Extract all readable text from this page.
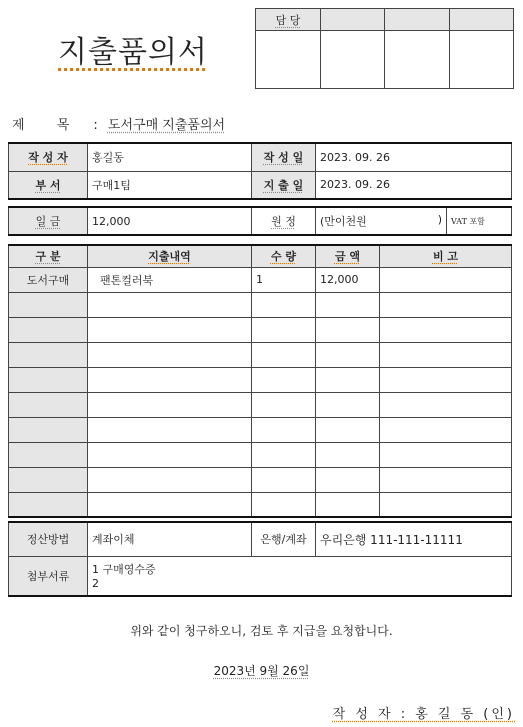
지출품의서
담 당			

제 목 : 도서구매 지출품의서
작 성 자	홍길동	작 성 일	2023. 09. 26
부 서	구매1팀	지 출 일	2023. 09. 26
일 금	12,000	원 정	(만이천원	)	VAT 포함
구 분	지출내역	수 량	금 액	비 고
도서구매	팬톤컬러북	1	12,000	

정산방법	계좌이체	은행/계좌	우리은행 111-111-11111
첨부서류	1 구매영수증
2		
위와 같이 청구하오니, 검토 후 지급을 요청합니다.
2023년 9월 26일
작 성 자 : 홍 길 동 (인)
